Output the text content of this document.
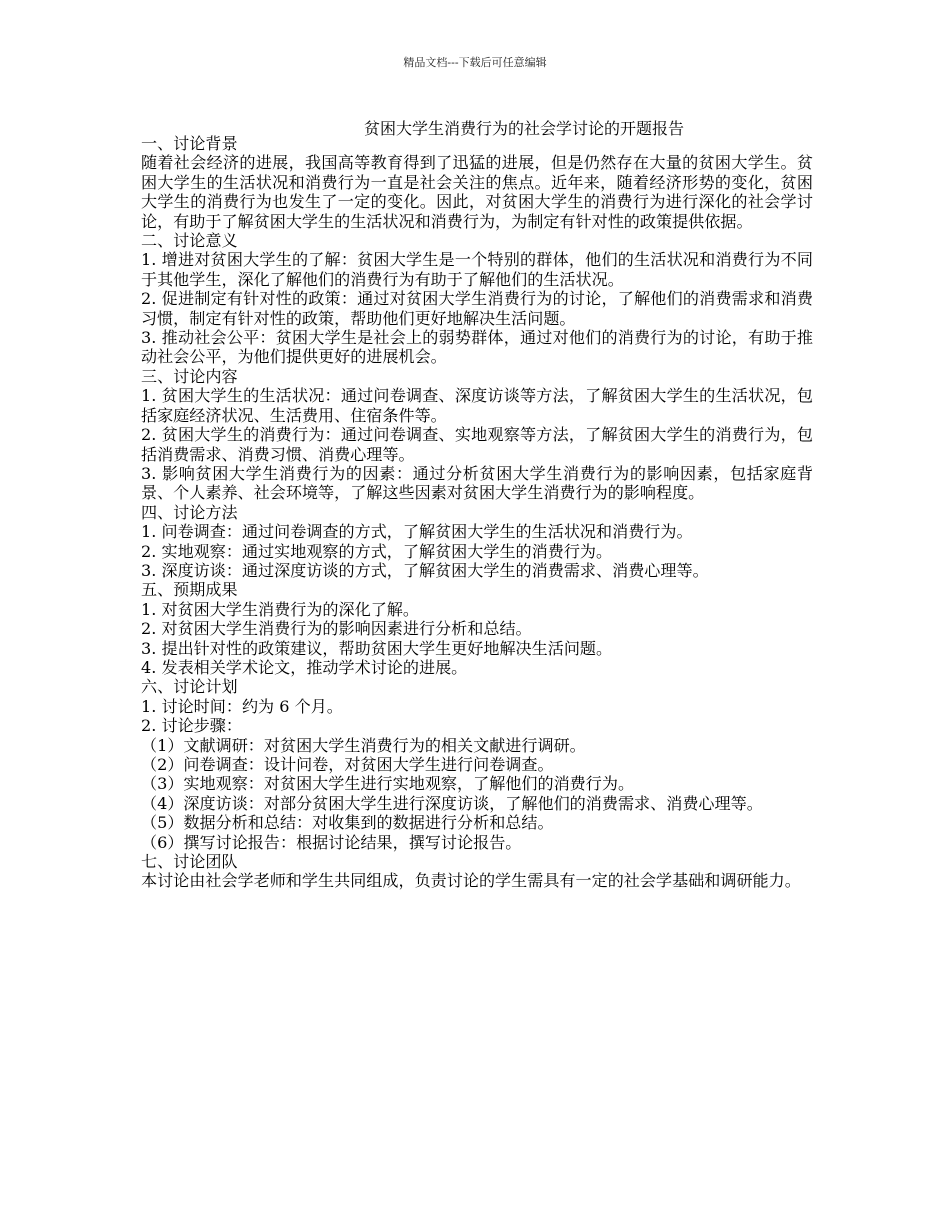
精品文档---下载后可任意编辑
贫困大学生消费行为的社会学讨论的开题报告

一、讨论背景

随着社会经济的进展，我国高等教育得到了迅猛的进展，但是仍然存在大量的贫困大学生。贫困大学生的生活状况和消费行为一直是社会关注的焦点。近年来，随着经济形势的变化，贫困大学生的消费行为也发生了一定的变化。因此，对贫困大学生的消费行为进行深化的社会学讨论，有助于了解贫困大学生的生活状况和消费行为，为制定有针对性的政策提供依据。

二、讨论意义

1. 增进对贫困大学生的了解：贫困大学生是一个特别的群体，他们的生活状况和消费行为不同于其他学生，深化了解他们的消费行为有助于了解他们的生活状况。

2. 促进制定有针对性的政策：通过对贫困大学生消费行为的讨论，了解他们的消费需求和消费习惯，制定有针对性的政策，帮助他们更好地解决生活问题。

3. 推动社会公平：贫困大学生是社会上的弱势群体，通过对他们的消费行为的讨论，有助于推动社会公平，为他们提供更好的进展机会。

三、讨论内容

1. 贫困大学生的生活状况：通过问卷调查、深度访谈等方法，了解贫困大学生的生活状况，包括家庭经济状况、生活费用、住宿条件等。

2. 贫困大学生的消费行为：通过问卷调查、实地观察等方法，了解贫困大学生的消费行为，包括消费需求、消费习惯、消费心理等。

3. 影响贫困大学生消费行为的因素：通过分析贫困大学生消费行为的影响因素，包括家庭背景、个人素养、社会环境等，了解这些因素对贫困大学生消费行为的影响程度。

四、讨论方法

1. 问卷调查：通过问卷调查的方式，了解贫困大学生的生活状况和消费行为。

2. 实地观察：通过实地观察的方式，了解贫困大学生的消费行为。

3. 深度访谈：通过深度访谈的方式，了解贫困大学生的消费需求、消费心理等。

五、预期成果

1. 对贫困大学生消费行为的深化了解。

2. 对贫困大学生消费行为的影响因素进行分析和总结。

3. 提出针对性的政策建议，帮助贫困大学生更好地解决生活问题。

4. 发表相关学术论文，推动学术讨论的进展。

六、讨论计划

1. 讨论时间：约为 6 个月。

2. 讨论步骤：

（1）文献调研：对贫困大学生消费行为的相关文献进行调研。

（2）问卷调查：设计问卷，对贫困大学生进行问卷调查。

（3）实地观察：对贫困大学生进行实地观察，了解他们的消费行为。

（4）深度访谈：对部分贫困大学生进行深度访谈，了解他们的消费需求、消费心理等。

（5）数据分析和总结：对收集到的数据进行分析和总结。

（6）撰写讨论报告：根据讨论结果，撰写讨论报告。

七、讨论团队

本讨论由社会学老师和学生共同组成，负责讨论的学生需具有一定的社会学基础和调研能力。
